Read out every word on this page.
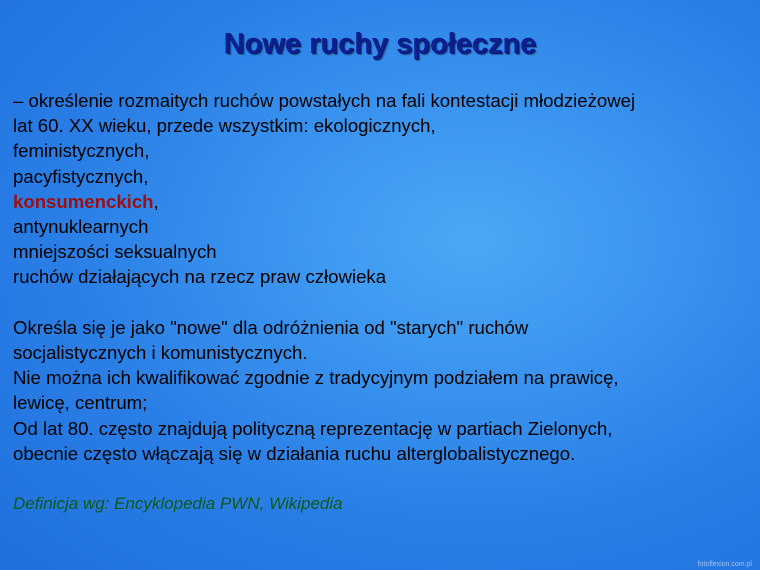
Nowe ruchy społeczne
– określenie rozmaitych ruchów powstałych na fali kontestacji młodzieżowej
lat 60. XX wieku, przede wszystkim: ekologicznych,
feministycznych,
pacyfistycznych,
konsumenckich,
antynuklearnych
mniejszości seksualnych
ruchów działających na rzecz praw człowieka
Określa się je jako "nowe" dla odróżnienia od "starych" ruchów
socjalistycznych i komunistycznych.
Nie można ich kwalifikować zgodnie z tradycyjnym podziałem na prawicę,
lewicę, centrum;
Od lat 80. często znajdują polityczną reprezentację w partiach Zielonych,
obecnie często włączają się w działania ruchu alterglobalistycznego.
Definicja wg: Encyklopedia PWN, Wikipedia
fotoflexion.com.pl
